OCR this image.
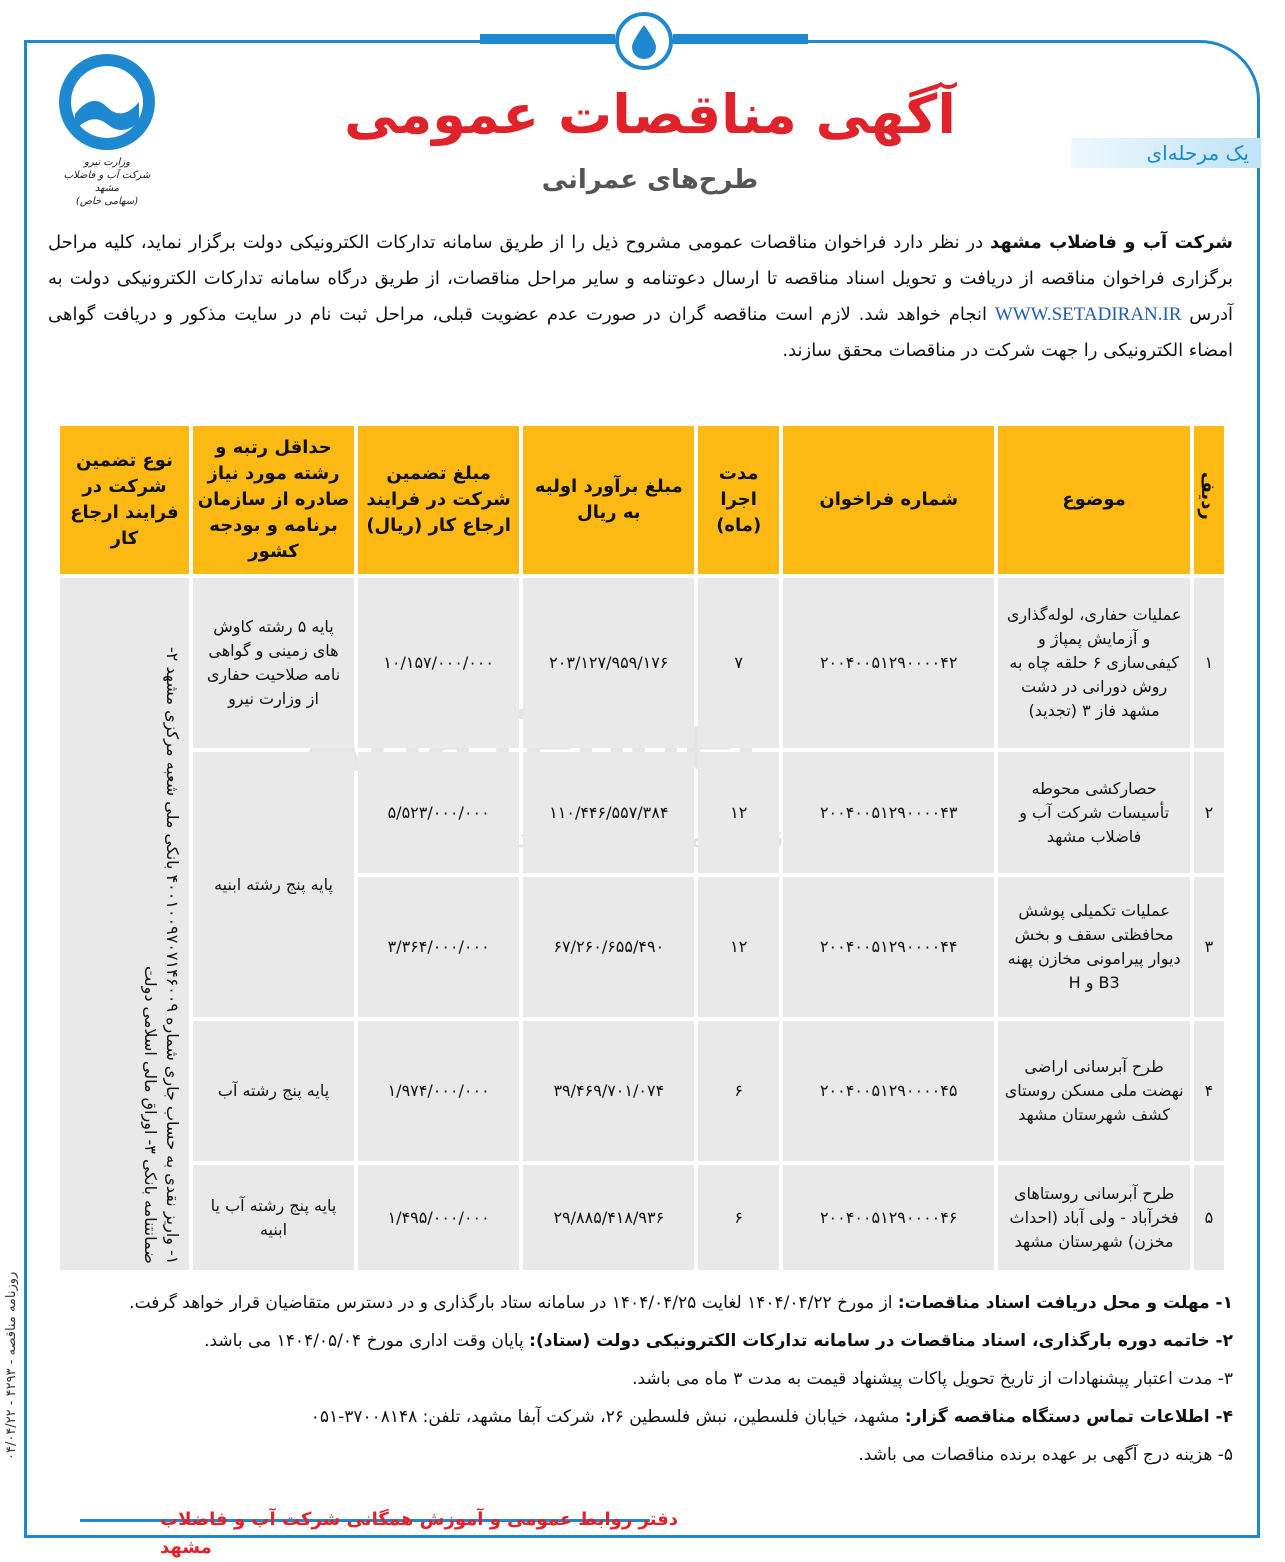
وزارت نیرو
شرکت آب و فاضلاب مشهد
(سهامی خاص)
آگهی مناقصات عمومی
طرح‌های عمرانی
یک مرحله‌ای
شرکت آب و فاضلاب مشهد در نظر دارد فراخوان مناقصات عمومی مشروح ذیل را از طریق سامانه تدارکات الکترونیکی دولت برگزار نماید، کلیه مراحل برگزاری فراخوان مناقصه از دریافت و تحویل اسناد مناقصه تا ارسال دعوتنامه و سایر مراحل مناقصات، از طریق درگاه سامانه تدارکات الکترونیکی دولت به آدرس WWW.SETADIRAN.IR انجام خواهد شد. لازم است مناقصه گران در صورت عدم عضویت قبلی، مراحل ثبت نام در سایت مذکور و دریافت گواهی امضاء الکترونیکی را جهت شرکت در مناقصات محقق سازند.
ردیف	موضوع	شماره فراخوان	مدت اجرا (ماه)	مبلغ برآورد اولیه به ریال	مبلغ تضمین شرکت در فرایند ارجاع کار (ریال)	حداقل رتبه و رشته مورد نیاز صادره از سازمان برنامه و بودجه کشور	نوع تضمین شرکت در فرایند ارجاع کار
۱	عملیات حفاری، لوله‌گذاری و آزمایش پمپاژ و کیفی‌سازی ۶ حلقه چاه به روش دورانی در دشت مشهد فاز ۳ (تجدید)	۲۰۰۴۰۰۵۱۲۹۰۰۰۰۴۲	۷	۲۰۳/۱۲۷/۹۵۹/۱۷۶	۱۰/۱۵۷/۰۰۰/۰۰۰	پایه ۵ رشته کاوش های زمینی و گواهی نامه صلاحیت حفاری از وزارت نیرو	۱- واریز نقدی به حساب جاری شماره ۴۰۰۱۰۰۹۷۰۷۱۴۶۰۰۹ بانکی ملی شعبه مرکزی مشهد ۲- ضمانتنامه بانکی ۳- اوراق مالی اسلامی دولت

۲	حصارکشی محوطه تأسیسات شرکت آب و فاضلاب مشهد	۲۰۰۴۰۰۵۱۲۹۰۰۰۰۴۳	۱۲	۱۱۰/۴۴۶/۵۵۷/۳۸۴	۵/۵۲۳/۰۰۰/۰۰۰	پایه پنج رشته ابنیه	
۳	عملیات تکمیلی پوشش محافظتی سقف و بخش دیوار پیرامونی مخازن پهنه B3 و H	۲۰۰۴۰۰۵۱۲۹۰۰۰۰۴۴	۱۲	۶۷/۲۶۰/۶۵۵/۴۹۰	۳/۳۶۴/۰۰۰/۰۰۰		
۴	طرح آبرسانی اراضی نهضت ملی مسکن روستای کشف شهرستان مشهد	۲۰۰۴۰۰۵۱۲۹۰۰۰۰۴۵	۶	۳۹/۴۶۹/۷۰۱/۰۷۴	۱/۹۷۴/۰۰۰/۰۰۰	پایه پنج رشته آب	
۵	طرح آبرسانی روستاهای فخرآباد - ولی آباد (احداث مخزن) شهرستان مشهد	۲۰۰۴۰۰۵۱۲۹۰۰۰۰۴۶	۶	۲۹/۸۸۵/۴۱۸/۹۳۶	۱/۴۹۵/۰۰۰/۰۰۰	پایه پنج رشته آب یا ابنیه	
۱- مهلت و محل دریافت اسناد مناقصات: از مورخ ۱۴۰۴/۰۴/۲۲ لغایت ۱۴۰۴/۰۴/۲۵ در سامانه ستاد بارگذاری و در دسترس متقاضیان قرار خواهد گرفت.
۲- خاتمه دوره بارگذاری، اسناد مناقصات در سامانه تدارکات الکترونیکی دولت (ستاد): پایان وقت اداری مورخ ۱۴۰۴/۰۵/۰۴ می باشد.
۳- مدت اعتبار پیشنهادات از تاریخ تحویل پاکات پیشنهاد قیمت به مدت ۳ ماه می باشد.
۴- اطلاعات تماس دستگاه مناقصه گزار: مشهد، خیابان فلسطین، نبش فلسطین ۲۶، شرکت آبفا مشهد، تلفن: ۳۷۰۰۸۱۴۸-۰۵۱
۵- هزینه درج آگهی بر عهده برنده مناقصات می باشد.
دفتر روابط عمومی و آموزش همگانی شرکت آب و فاضلاب مشهد
روزنامه مناقصه - ۴۲۹۳ - ۰۴/۰۴/۲۲
